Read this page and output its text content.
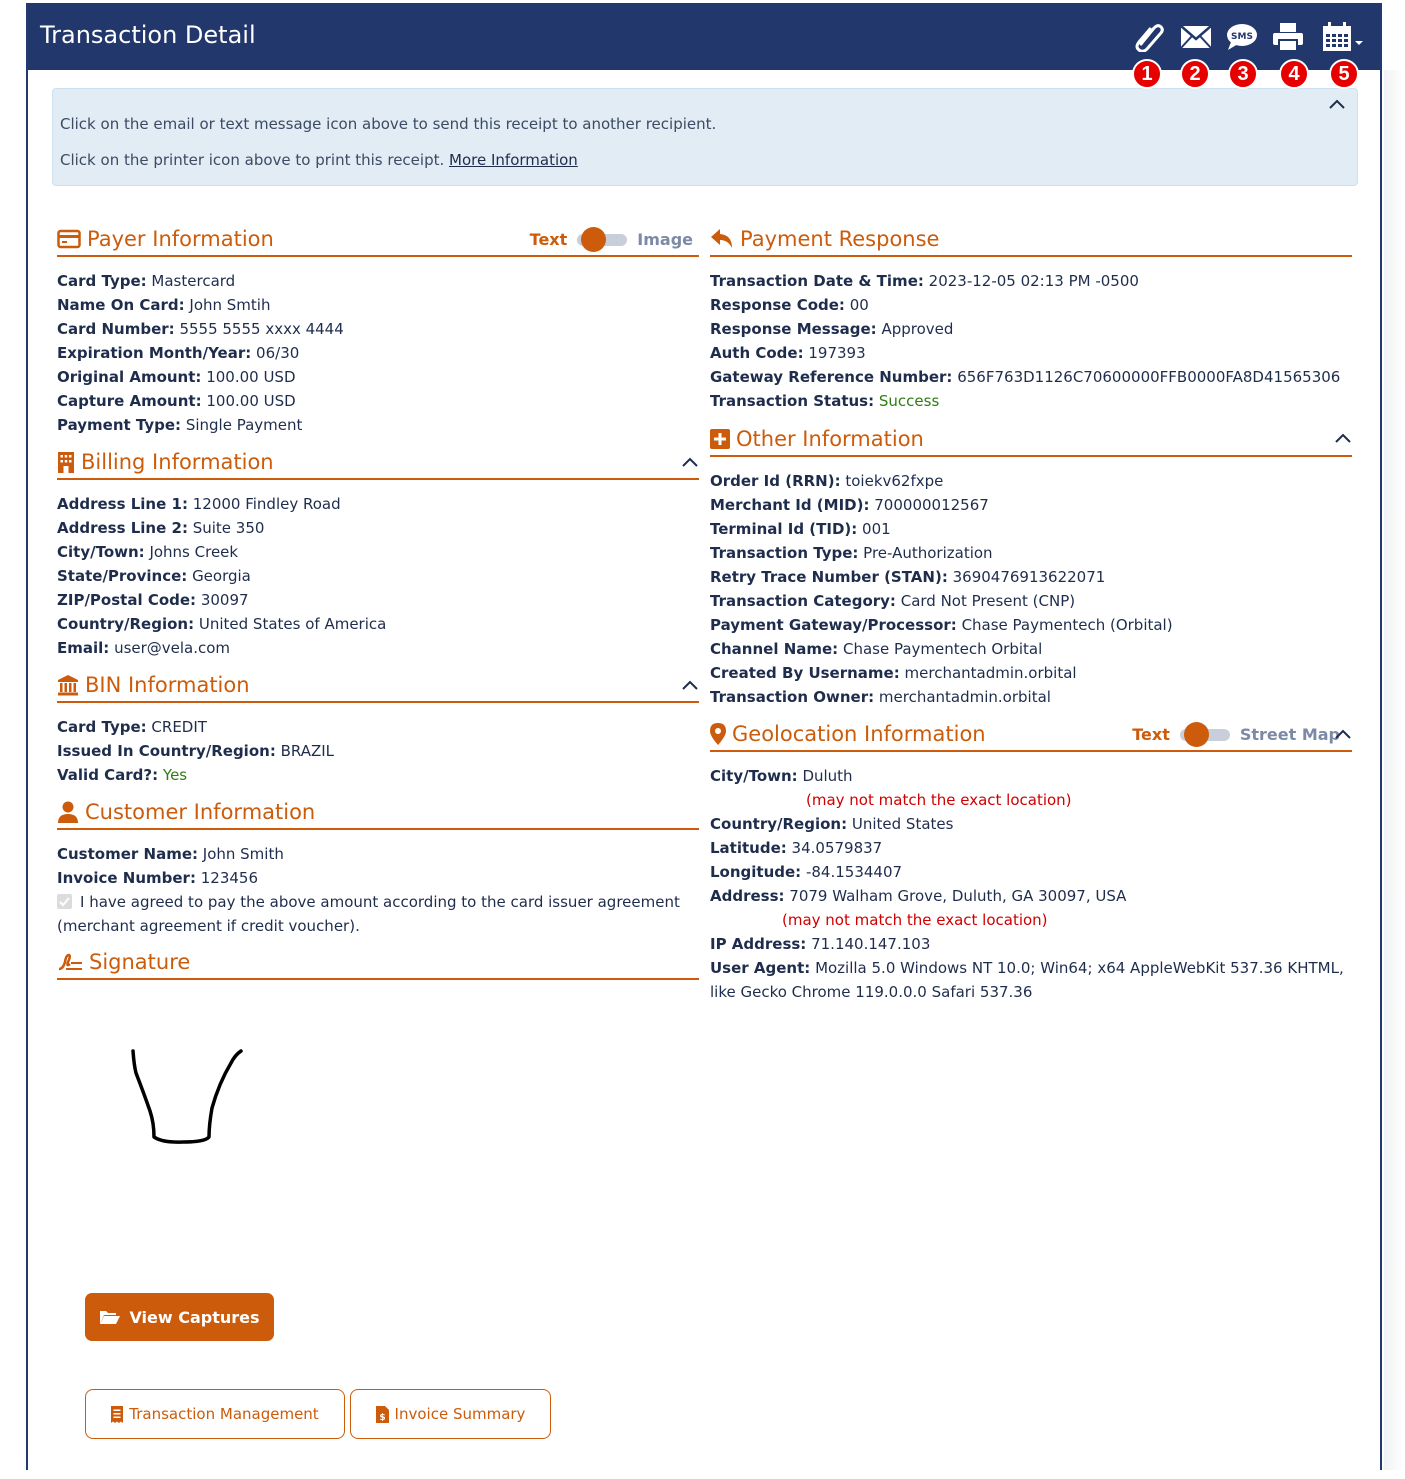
Transaction Detail	SMS
1	2	3	4	5

Click on the email or text message icon above to send this receipt to another recipient.

Click on the printer icon above to print this receipt. More Information

Payer Information	Text	Image
Card Type: Mastercard
Name On Card: John Smtih
Card Number: 5555 5555 xxxx 4444
Expiration Month/Year: 06/30
Original Amount: 100.00 USD
Capture Amount: 100.00 USD
Payment Type: Single Payment
Billing Information
Address Line 1: 12000 Findley Road
Address Line 2: Suite 350
City/Town: Johns Creek
State/Province: Georgia
ZIP/Postal Code: 30097
Country/Region: United States of America
Email: user@vela.com
BIN Information
Card Type: CREDIT
Issued In Country/Region: BRAZIL
Valid Card?: Yes
Customer Information
Customer Name: John Smith
Invoice Number: 123456
I have agreed to pay the above amount according to the card issuer agreement
(merchant agreement if credit voucher).
Signature
Payment Response
Transaction Date & Time: 2023-12-05 02:13 PM -0500
Response Code: 00
Response Message: Approved
Auth Code: 197393
Gateway Reference Number: 656F763D1126C70600000FFB0000FA8D41565306
Transaction Status: Success
Other Information
Order Id (RRN): toiekv62fxpe
Merchant Id (MID): 700000012567
Terminal Id (TID): 001
Transaction Type: Pre-Authorization
Retry Trace Number (STAN): 3690476913622071
Transaction Category: Card Not Present (CNP)
Payment Gateway/Processor: Chase Paymentech (Orbital)
Channel Name: Chase Paymentech Orbital
Created By Username: merchantadmin.orbital
Transaction Owner: merchantadmin.orbital
Geolocation Information	Text	Street Map
City/Town: Duluth
(may not match the exact location)
Country/Region: United States
Latitude: 34.0579837
Longitude: -84.1534407
Address: 7079 Walham Grove, Duluth, GA 30097, USA
(may not match the exact location)
IP Address: 71.140.147.103
User Agent: Mozilla 5.0 Windows NT 10.0; Win64; x64 AppleWebKit 537.36 KHTML,
like Gecko Chrome 119.0.0.0 Safari 537.36
View Captures
Transaction Management	$ Invoice Summary
